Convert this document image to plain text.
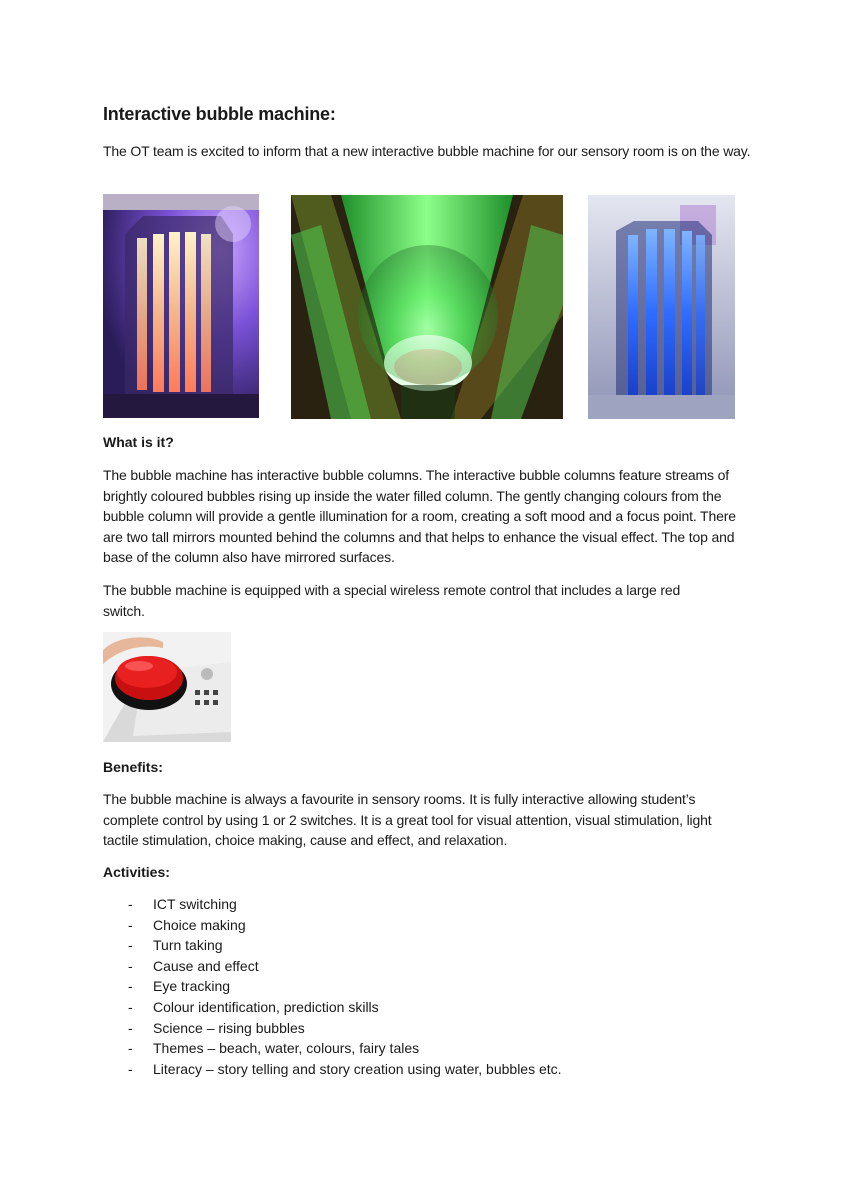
Interactive bubble machine:
The OT team is excited to inform that a new interactive bubble machine for our sensory room is on the way.
What is it?
The bubble machine has interactive bubble columns. The interactive bubble columns feature streams of brightly coloured bubbles rising up inside the water filled column. The gently changing colours from the bubble column will provide a gentle illumination for a room, creating a soft mood and a focus point. There are two tall mirrors mounted behind the columns and that helps to enhance the visual effect. The top and base of the column also have mirrored surfaces.
The bubble machine is equipped with a special wireless remote control that includes a large red switch.
Benefits:
The bubble machine is always a favourite in sensory rooms. It is fully interactive allowing student’s complete control by using 1 or 2 switches. It is a great tool for visual attention, visual stimulation, light tactile stimulation, choice making, cause and effect, and relaxation.
Activities:
-	ICT switching
-	Choice making
-	Turn taking
-	Cause and effect
-	Eye tracking
-	Colour identification, prediction skills
-	Science – rising bubbles
-	Themes – beach, water, colours, fairy tales
-	Literacy – story telling and story creation using water, bubbles etc.
